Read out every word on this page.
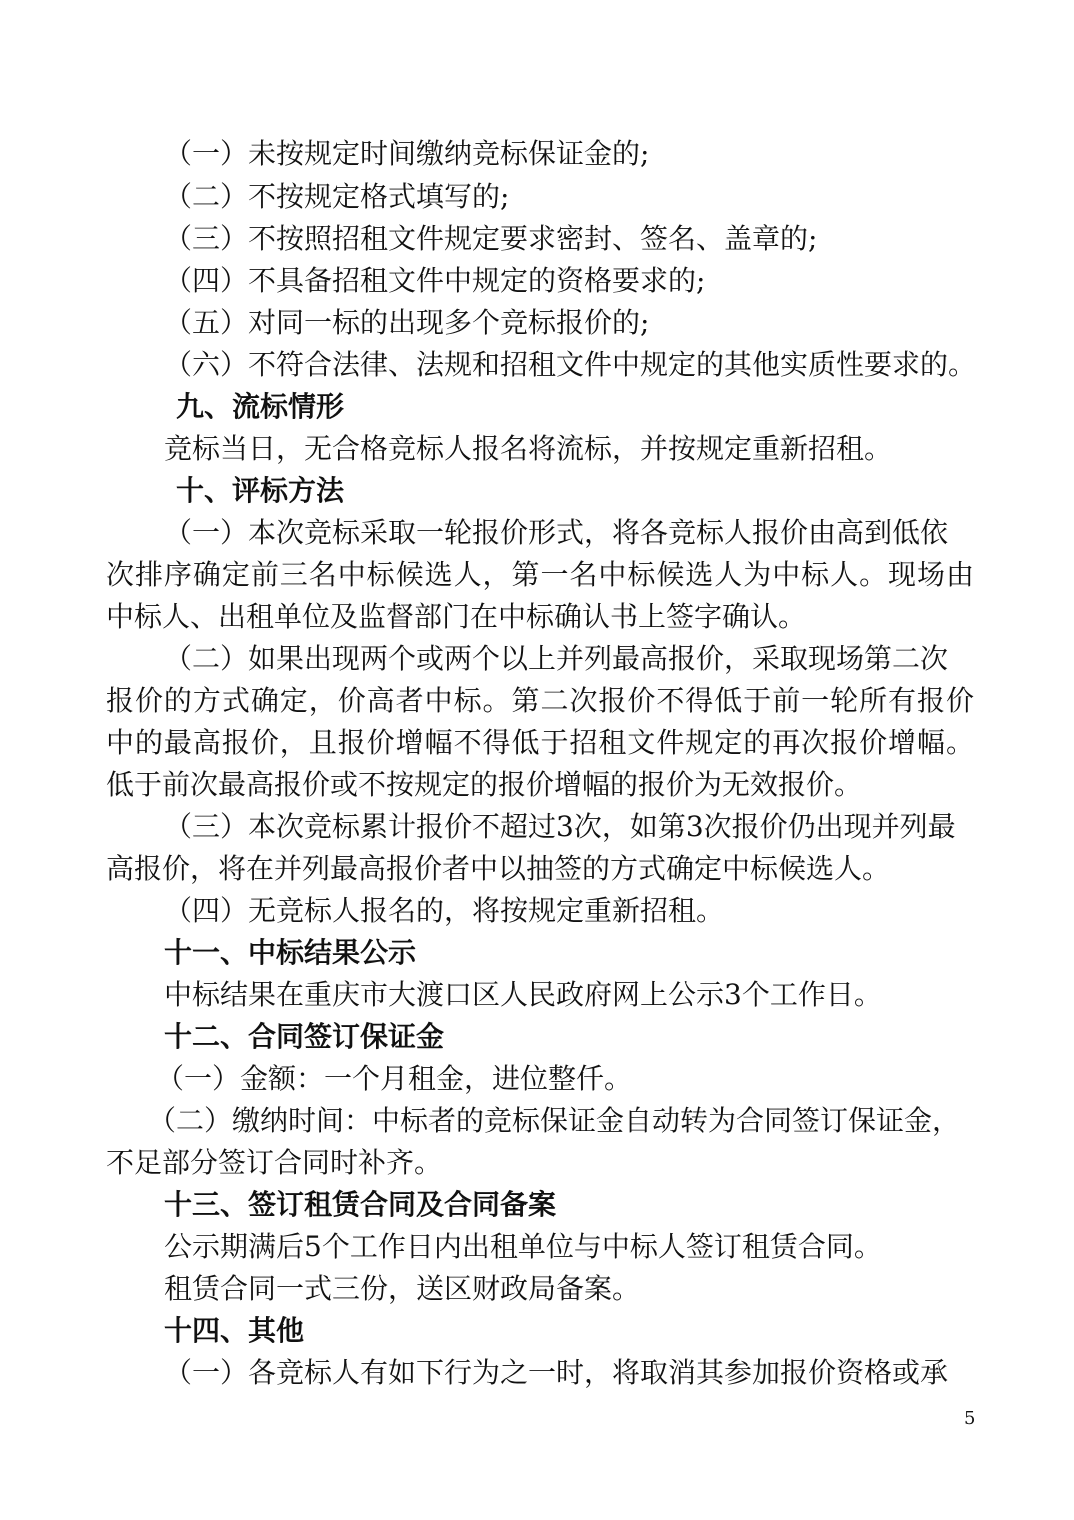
（一）未按规定时间缴纳竞标保证金的;
（二）不按规定格式填写的;
（三）不按照招租文件规定要求密封、签名、盖章的;
（四）不具备招租文件中规定的资格要求的;
（五）对同一标的出现多个竞标报价的;
（六）不符合法律、法规和招租文件中规定的其他实质性要求的。
九、流标情形
竞标当日，无合格竞标人报名将流标，并按规定重新招租。
十、评标方法
（一）本次竞标采取一轮报价形式，将各竞标人报价由高到低依
次排序确定前三名中标候选人，第一名中标候选人为中标人。现场由
中标人、出租单位及监督部门在中标确认书上签字确认。
（二）如果出现两个或两个以上并列最高报价，采取现场第二次
报价的方式确定，价高者中标。第二次报价不得低于前一轮所有报价
中的最高报价，且报价增幅不得低于招租文件规定的再次报价增幅。
低于前次最高报价或不按规定的报价增幅的报价为无效报价。
（三）本次竞标累计报价不超过3次，如第3次报价仍出现并列最
高报价，将在并列最高报价者中以抽签的方式确定中标候选人。
（四）无竞标人报名的，将按规定重新招租。
十一、中标结果公示
中标结果在重庆市大渡口区人民政府网上公示3个工作日。
十二、合同签订保证金
（一）金额：一个月租金，进位整仟。
（二）缴纳时间：中标者的竞标保证金自动转为合同签订保证金，
不足部分签订合同时补齐。
十三、签订租赁合同及合同备案
公示期满后5个工作日内出租单位与中标人签订租赁合同。
租赁合同一式三份，送区财政局备案。
十四、其他
（一）各竞标人有如下行为之一时，将取消其参加报价资格或承
5
